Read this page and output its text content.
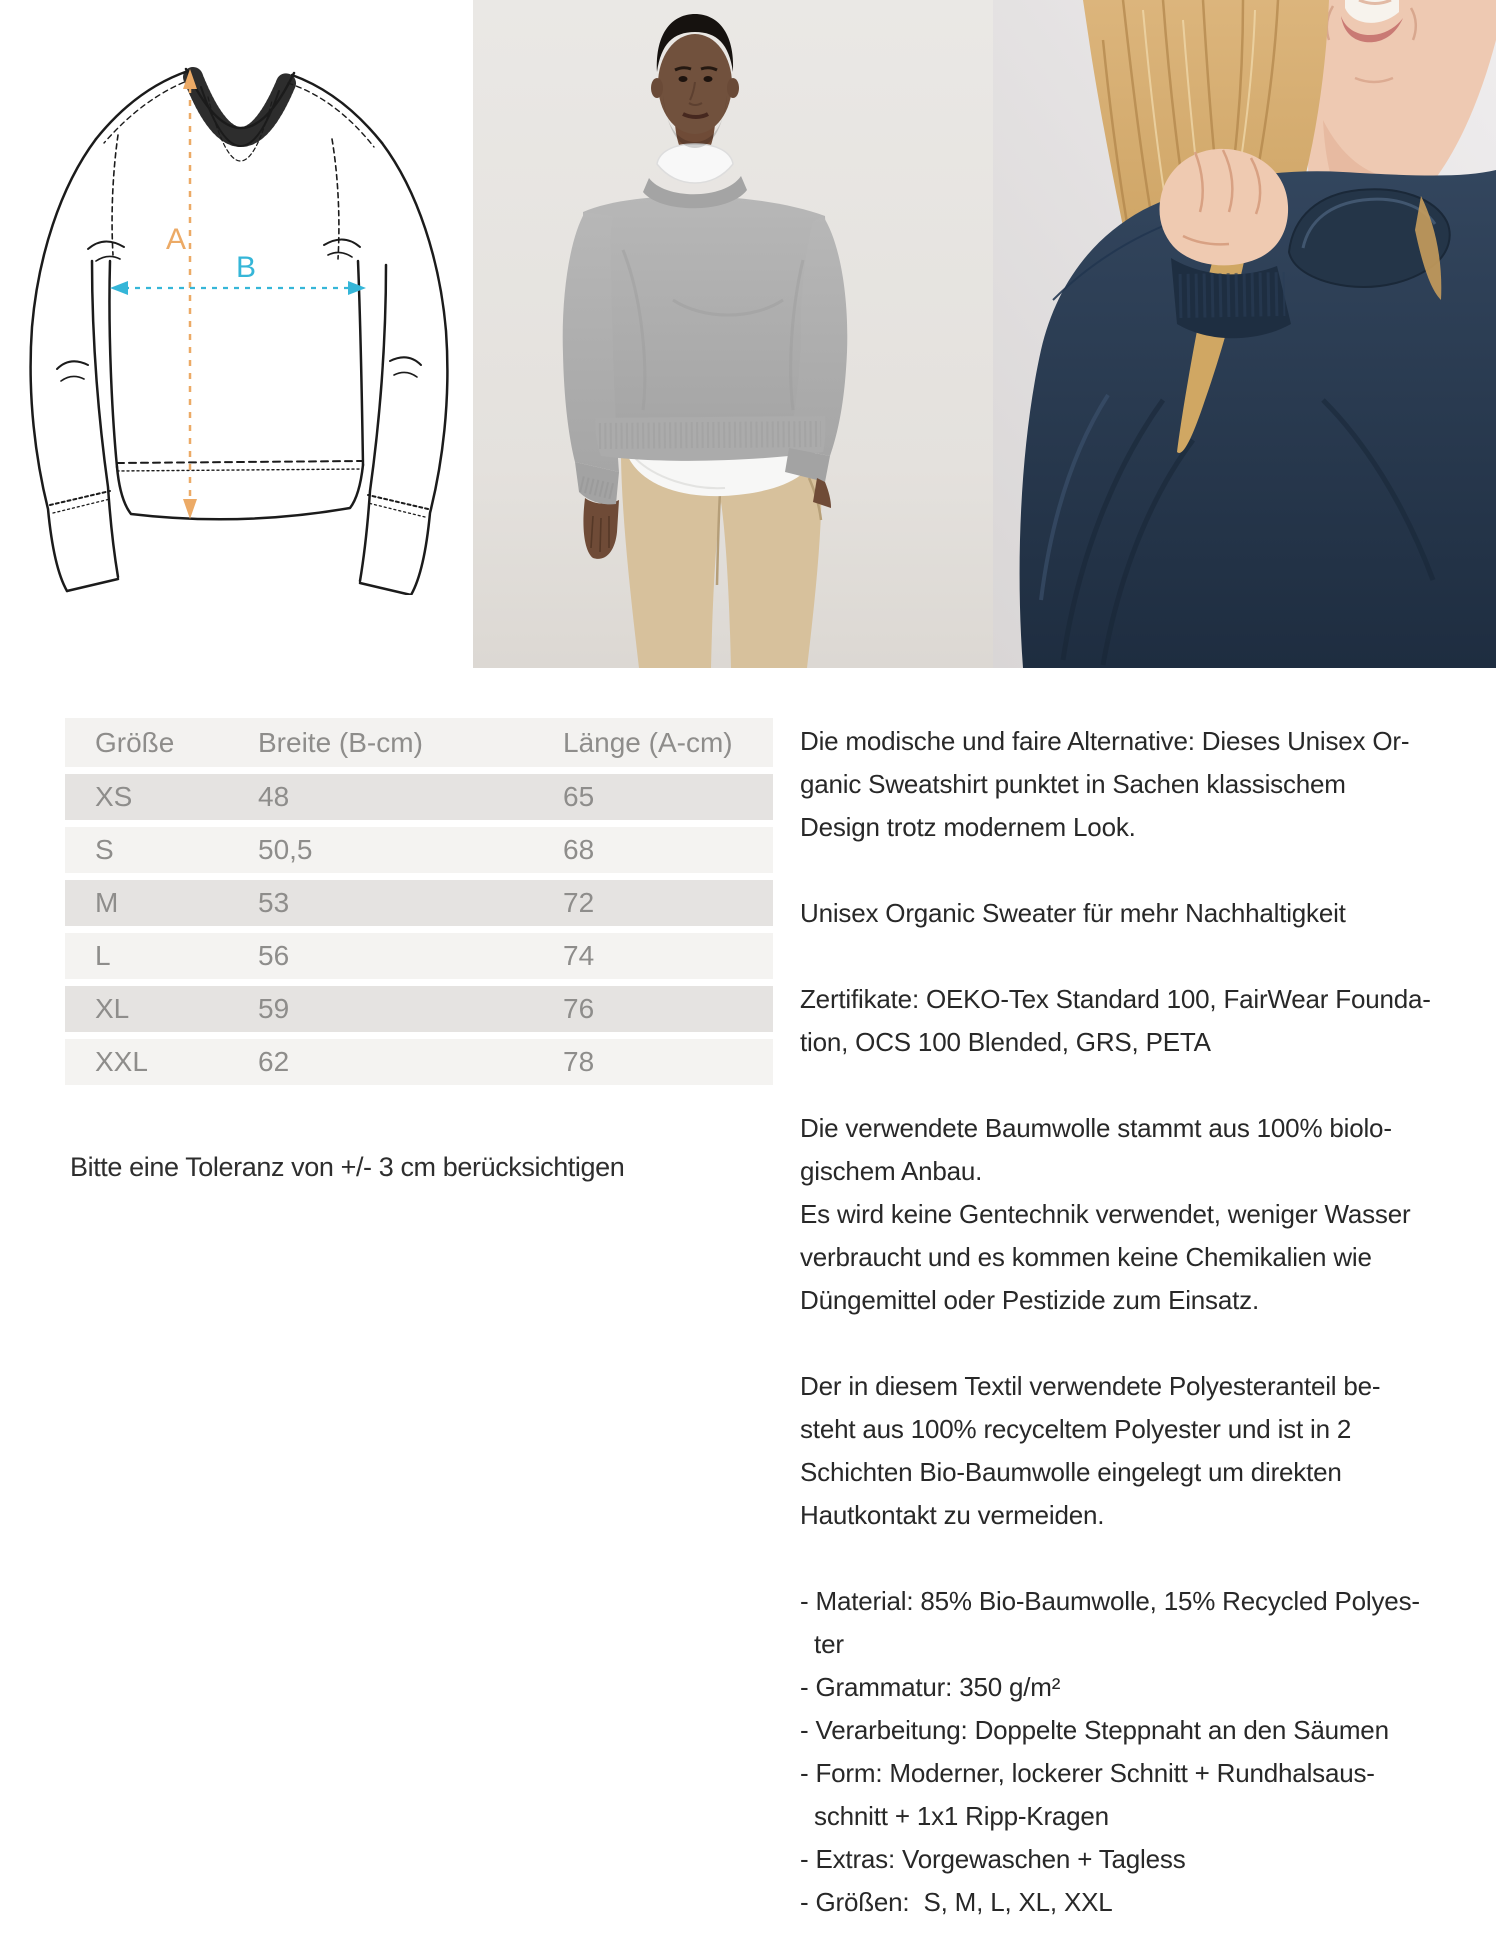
A
B
Größe	Breite (B-cm)	Länge (A-cm)
XS	48	65
S	50,5	68
M	53	72
L	56	74
XL	59	76
XXL	62	78
Bitte eine Toleranz von +/- 3 cm berücksichtigen
Die modische und faire Alternative: Dieses Unisex Or-
ganic Sweatshirt punktet in Sachen klassischem
Design trotz modernem Look.
Unisex Organic Sweater für mehr Nachhaltigkeit
Zertifikate: OEKO-Tex Standard 100, FairWear Founda-
tion, OCS 100 Blended, GRS, PETA
Die verwendete Baumwolle stammt aus 100% biolo-
gischem Anbau.
Es wird keine Gentechnik verwendet, weniger Wasser
verbraucht und es kommen keine Chemikalien wie
Düngemittel oder Pestizide zum Einsatz.
Der in diesem Textil verwendete Polyesteranteil be-
steht aus 100% recyceltem Polyester und ist in 2
Schichten Bio-Baumwolle eingelegt um direkten
Hautkontakt zu vermeiden.
- Material: 85% Bio-Baumwolle, 15% Recycled Polyes-
ter
- Grammatur: 350 g/m²
- Verarbeitung: Doppelte Steppnaht an den Säumen
- Form: Moderner, lockerer Schnitt + Rundhalsaus-
schnitt + 1x1 Ripp-Kragen
- Extras: Vorgewaschen + Tagless
- Größen:  S, M, L, XL, XXL
